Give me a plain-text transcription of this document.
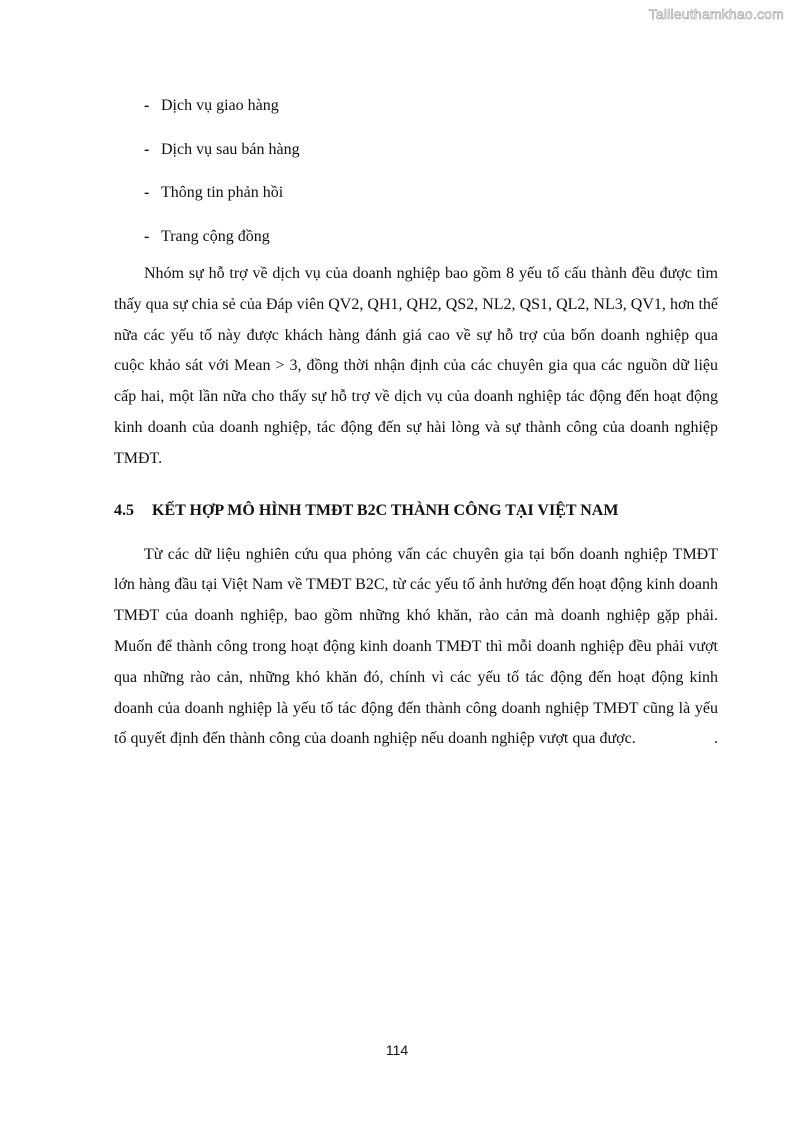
Tailieuthamkhao.com
- Dịch vụ giao hàng
- Dịch vụ sau bán hàng
- Thông tin phản hồi
- Trang cộng đồng

Nhóm sự hỗ trợ về dịch vụ của doanh nghiệp bao gồm 8 yếu tố cấu thành đều được tìm thấy qua sự chia sẻ của Đáp viên QV2, QH1, QH2, QS2, NL2, QS1, QL2, NL3, QV1, hơn thế nữa các yếu tố này được khách hàng đánh giá cao về sự hỗ trợ của bốn doanh nghiệp qua cuộc khảo sát với Mean > 3, đồng thời nhận định của các chuyên gia qua các nguồn dữ liệu cấp hai, một lần nữa cho thấy sự hỗ trợ về dịch vụ của doanh nghiệp tác động đến hoạt động kinh doanh của doanh nghiệp, tác động đến sự hài lòng và sự thành công của doanh nghiệp TMĐT.

4.5	KẾT HỢP MÔ HÌNH TMĐT B2C THÀNH CÔNG TẠI VIỆT NAM

Từ các dữ liệu nghiên cứu qua phỏng vấn các chuyên gia tại bốn doanh nghiệp TMĐT lớn hàng đầu tại Việt Nam về TMĐT B2C, từ các yếu tố ảnh hưởng đến hoạt động kinh doanh TMĐT của doanh nghiệp, bao gồm những khó khăn, rào cản mà doanh nghiệp gặp phải. Muốn để thành công trong hoạt động kinh doanh TMĐT thì mỗi doanh nghiệp đều phải vượt qua những rào cản, những khó khăn đó, chính vì các yếu tố tác động đến hoạt động kinh doanh của doanh nghiệp là yếu tố tác động đến thành công doanh nghiệp TMĐT cũng là yếu tố quyết định đến thành công của doanh nghiệp nếu doanh nghiệp vượt qua được.	.

114
